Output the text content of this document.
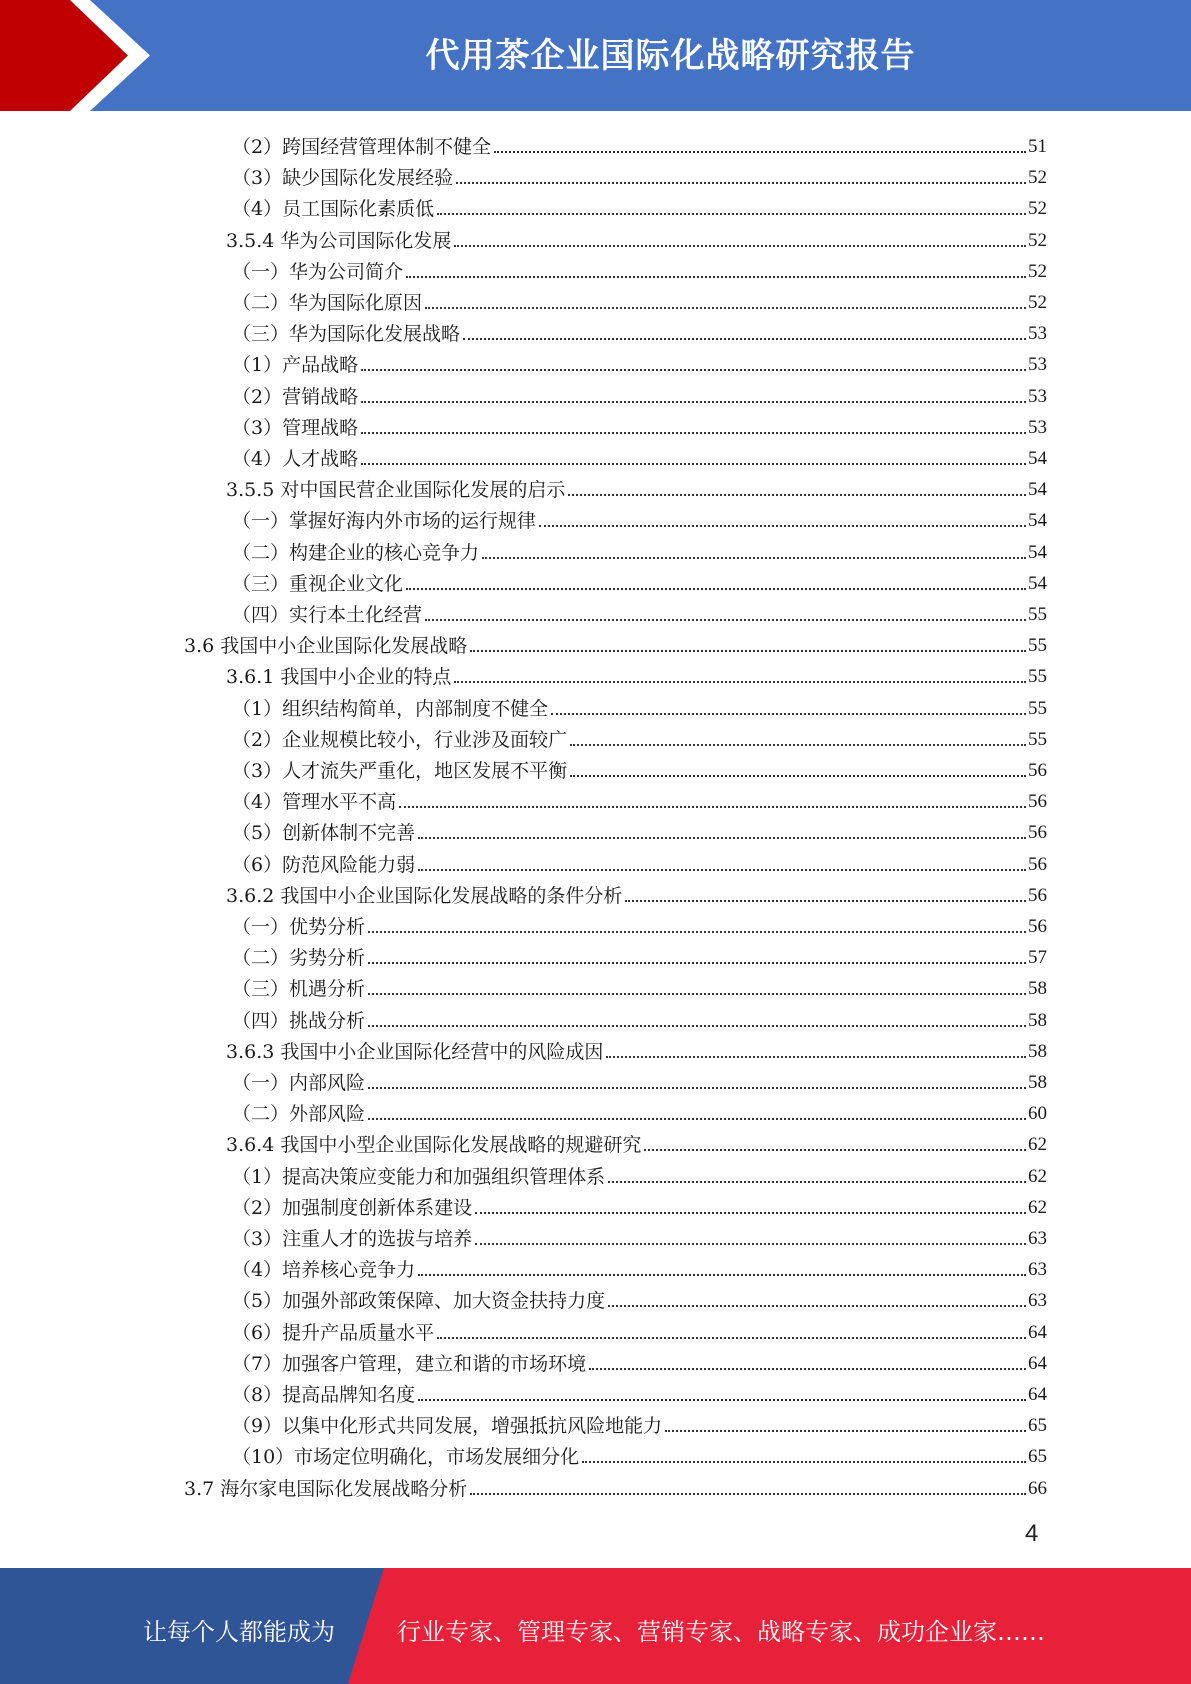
代用茶企业国际化战略研究报告
（2）跨国经营管理体制不健全	51
（3）缺少国际化发展经验	52
（4）员工国际化素质低	52
3.5.4 华为公司国际化发展	52
（一）华为公司简介	52
（二）华为国际化原因	52
（三）华为国际化发展战略	53
（1）产品战略	53
（2）营销战略	53
（3）管理战略	53
（4）人才战略	54
3.5.5 对中国民营企业国际化发展的启示	54
（一）掌握好海内外市场的运行规律	54
（二）构建企业的核心竞争力	54
（三）重视企业文化	54
（四）实行本土化经营	55
3.6 我国中小企业国际化发展战略	55
3.6.1 我国中小企业的特点	55
（1）组织结构简单，内部制度不健全	55
（2）企业规模比较小，行业涉及面较广	55
（3）人才流失严重化，地区发展不平衡	56
（4）管理水平不高	56
（5）创新体制不完善	56
（6）防范风险能力弱	56
3.6.2 我国中小企业国际化发展战略的条件分析	56
（一）优势分析	56
（二）劣势分析	57
（三）机遇分析	58
（四）挑战分析	58
3.6.3 我国中小企业国际化经营中的风险成因	58
（一）内部风险	58
（二）外部风险	60
3.6.4 我国中小型企业国际化发展战略的规避研究	62
（1）提高决策应变能力和加强组织管理体系	62
（2）加强制度创新体系建设	62
（3）注重人才的选拔与培养	63
（4）培养核心竞争力	63
（5）加强外部政策保障、加大资金扶持力度	63
（6）提升产品质量水平	64
（7）加强客户管理，建立和谐的市场环境	64
（8）提高品牌知名度	64
（9）以集中化形式共同发展，增强抵抗风险地能力	65
（10）市场定位明确化，市场发展细分化	65
3.7 海尔家电国际化发展战略分析	66
4
让每个人都能成为	行业专家、管理专家、营销专家、战略专家、成功企业家……
